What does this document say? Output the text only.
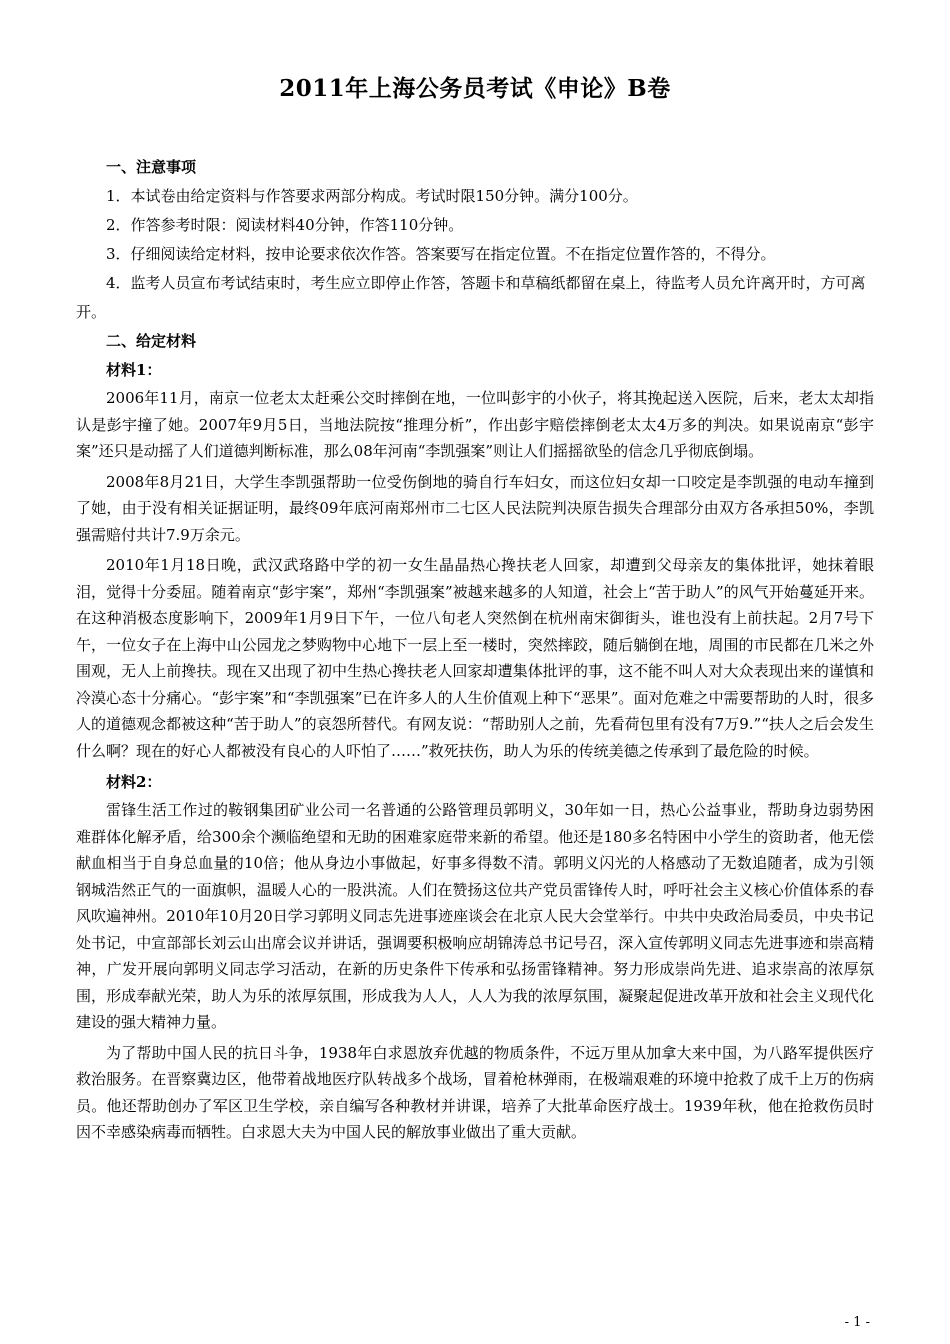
2011年上海公务员考试《申论》B卷

一、注意事项

1．本试卷由给定资料与作答要求两部分构成。考试时限150分钟。满分100分。

2．作答参考时限：阅读材料40分钟，作答110分钟。

3．仔细阅读给定材料，按申论要求依次作答。答案要写在指定位置。不在指定位置作答的，不得分。

4．监考人员宣布考试结束时，考生应立即停止作答，答题卡和草稿纸都留在桌上，待监考人员允许离开时，方可离开。

二、给定材料

材料1：

2006年11月，南京一位老太太赶乘公交时摔倒在地，一位叫彭宇的小伙子，将其挽起送入医院，后来，老太太却指认是彭宇撞了她。2007年9月5日，当地法院按“推理分析”，作出彭宇赔偿摔倒老太太4万多的判决。如果说南京“彭宇案”还只是动摇了人们道德判断标准，那么08年河南“李凯强案”则让人们摇摇欲坠的信念几乎彻底倒塌。

2008年8月21日，大学生李凯强帮助一位受伤倒地的骑自行车妇女，而这位妇女却一口咬定是李凯强的电动车撞到了她，由于没有相关证据证明，最终09年底河南郑州市二七区人民法院判决原告损失合理部分由双方各承担50%，李凯强需赔付共计7.9万余元。

2010年1月18日晚，武汉武珞路中学的初一女生晶晶热心搀扶老人回家，却遭到父母亲友的集体批评，她抹着眼泪，觉得十分委屈。随着南京“彭宇案”，郑州“李凯强案”被越来越多的人知道，社会上“苦于助人”的风气开始蔓延开来。在这种消极态度影响下，2009年1月9日下午，一位八旬老人突然倒在杭州南宋御街头，谁也没有上前扶起。2月7号下午，一位女子在上海中山公园龙之梦购物中心地下一层上至一楼时，突然摔跤，随后躺倒在地，周围的市民都在几米之外围观，无人上前搀扶。现在又出现了初中生热心搀扶老人回家却遭集体批评的事，这不能不叫人对大众表现出来的谨慎和冷漠心态十分痛心。“彭宇案”和“李凯强案”已在许多人的人生价值观上种下“恶果”。面对危难之中需要帮助的人时，很多人的道德观念都被这种“苦于助人”的哀怨所替代。有网友说：“帮助别人之前，先看荷包里有没有7万9.”“扶人之后会发生什么啊？现在的好心人都被没有良心的人吓怕了……”救死扶伤，助人为乐的传统美德之传承到了最危险的时候。

材料2：

雷锋生活工作过的鞍钢集团矿业公司一名普通的公路管理员郭明义，30年如一日，热心公益事业，帮助身边弱势困难群体化解矛盾，给300余个濒临绝望和无助的困难家庭带来新的希望。他还是180多名特困中小学生的资助者，他无偿献血相当于自身总血量的10倍；他从身边小事做起，好事多得数不清。郭明义闪光的人格感动了无数追随者，成为引领钢城浩然正气的一面旗帜，温暖人心的一股洪流。人们在赞扬这位共产党员雷锋传人时，呼吁社会主义核心价值体系的春风吹遍神州。2010年10月20日学习郭明义同志先进事迹座谈会在北京人民大会堂举行。中共中央政治局委员，中央书记处书记，中宣部部长刘云山出席会议并讲话，强调要积极响应胡锦涛总书记号召，深入宣传郭明义同志先进事迹和崇高精神，广发开展向郭明义同志学习活动，在新的历史条件下传承和弘扬雷锋精神。努力形成崇尚先进、追求崇高的浓厚氛围，形成奉献光荣，助人为乐的浓厚氛围，形成我为人人，人人为我的浓厚氛围，凝聚起促进改革开放和社会主义现代化建设的强大精神力量。

为了帮助中国人民的抗日斗争，1938年白求恩放弃优越的物质条件，不远万里从加拿大来中国，为八路军提供医疗救治服务。在晋察冀边区，他带着战地医疗队转战多个战场，冒着枪林弹雨，在极端艰难的环境中抢救了成千上万的伤病员。他还帮助创办了军区卫生学校，亲自编写各种教材并讲课，培养了大批革命医疗战士。1939年秋，他在抢救伤员时因不幸感染病毒而牺牲。白求恩大夫为中国人民的解放事业做出了重大贡献。

- 1 -
